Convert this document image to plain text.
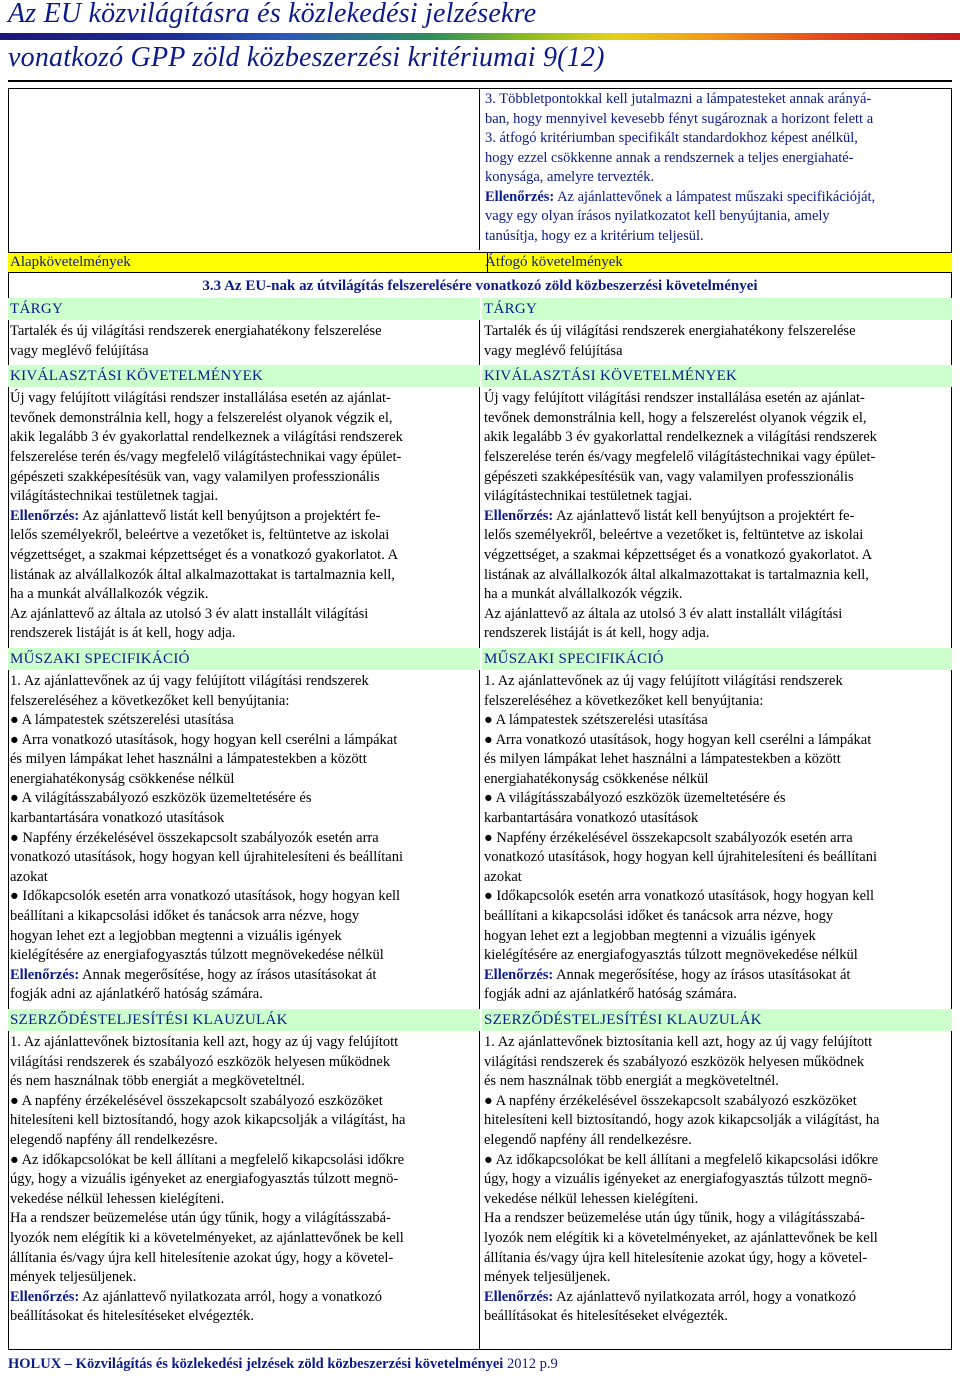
Az EU közvilágításra és közlekedési jelzésekre
vonatkozó GPP zöld közbeszerzési kritériumai 9(12)
3. Többletpontokkal kell jutalmazni a lámpatesteket annak arányá-
ban, hogy mennyivel kevesebb fényt sugároznak a horizont felett a
3. átfogó kritériumban specifikált standardokhoz képest anélkül,
hogy ezzel csökkenne annak a rendszernek a teljes energiahaté-
konysága, amelyre tervezték.
Ellenőrzés: Az ajánlattevőnek a lámpatest műszaki specifikációját,
vagy egy olyan írásos nyilatkozatot kell benyújtania, amely
tanúsítja, hogy ez a kritérium teljesül.
Alapkövetelmények	Átfogó követelmények
3.3 Az EU-nak az útvilágítás felszerelésére vonatkozó zöld közbeszerzési követelményei
TÁRGY

Tartalék és új világítási rendszerek energiahatékony felszerelése

vagy meglévő felújítása

KIVÁLASZTÁSI KÖVETELMÉNYEK

Új vagy felújított világítási rendszer installálása esetén az ajánlat-

tevőnek demonstrálnia kell, hogy a felszerelést olyanok végzik el,

akik legalább 3 év gyakorlattal rendelkeznek a világítási rendszerek

felszerelése terén és/vagy megfelelő világítástechnikai vagy épület-

gépészeti szakképesítésük van, vagy valamilyen professzionális

világítástechnikai testületnek tagjai.

Ellenőrzés: Az ajánlattevő listát kell benyújtson a projektért fe-

lelős személyekről, beleértve a vezetőket is, feltüntetve az iskolai

végzettséget, a szakmai képzettséget és a vonatkozó gyakorlatot. A

listának az alvállalkozók által alkalmazottakat is tartalmaznia kell,

ha a munkát alvállalkozók végzik.

Az ajánlattevő az általa az utolsó 3 év alatt installált világítási

rendszerek listáját is át kell, hogy adja.

MŰSZAKI SPECIFIKÁCIÓ

1. Az ajánlattevőnek az új vagy felújított világítási rendszerek

felszereléséhez a következőket kell benyújtania:

● A lámpatestek szétszerelési utasítása

● Arra vonatkozó utasítások, hogy hogyan kell cserélni a lámpákat

és milyen lámpákat lehet használni a lámpatestekben a között

energiahatékonyság csökkenése nélkül

● A világításszabályozó eszközök üzemeltetésére és

karbantartására vonatkozó utasítások

● Napfény érzékelésével összekapcsolt szabályozók esetén arra

vonatkozó utasítások, hogy hogyan kell újrahitelesíteni és beállítani

azokat

● Időkapcsolók esetén arra vonatkozó utasítások, hogy hogyan kell

beállítani a kikapcsolási időket és tanácsok arra nézve, hogy

hogyan lehet ezt a legjobban megtenni a vizuális igények

kielégítésére az energiafogyasztás túlzott megnövekedése nélkül

Ellenőrzés: Annak megerősítése, hogy az írásos utasításokat át

fogják adni az ajánlatkérő hatóság számára.

SZERZŐDÉSTELJESÍTÉSI KLAUZULÁK

1. Az ajánlattevőnek biztosítania kell azt, hogy az új vagy felújított

világítási rendszerek és szabályozó eszközök helyesen működnek

és nem használnak több energiát a megköveteltnél.

● A napfény érzékelésével összekapcsolt szabályozó eszközöket

hitelesíteni kell biztosítandó, hogy azok kikapcsolják a világítást, ha

elegendő napfény áll rendelkezésre.

● Az időkapcsolókat be kell állítani a megfelelő kikapcsolási időkre

úgy, hogy a vizuális igényeket az energiafogyasztás túlzott megnö-

vekedése nélkül lehessen kielégíteni.

Ha a rendszer beüzemelése után úgy tűnik, hogy a világításszabá-

lyozók nem elégítik ki a követelményeket, az ajánlattevőnek be kell

állítania és/vagy újra kell hitelesítenie azokat úgy, hogy a követel-

mények teljesüljenek.

Ellenőrzés: Az ajánlattevő nyilatkozata arról, hogy a vonatkozó

beállításokat és hitelesítéseket elvégezték.

TÁRGY

Tartalék és új világítási rendszerek energiahatékony felszerelése

vagy meglévő felújítása

KIVÁLASZTÁSI KÖVETELMÉNYEK

Új vagy felújított világítási rendszer installálása esetén az ajánlat-

tevőnek demonstrálnia kell, hogy a felszerelést olyanok végzik el,

akik legalább 3 év gyakorlattal rendelkeznek a világítási rendszerek

felszerelése terén és/vagy megfelelő világítástechnikai vagy épület-

gépészeti szakképesítésük van, vagy valamilyen professzionális

világítástechnikai testületnek tagjai.

Ellenőrzés: Az ajánlattevő listát kell benyújtson a projektért fe-

lelős személyekről, beleértve a vezetőket is, feltüntetve az iskolai

végzettséget, a szakmai képzettséget és a vonatkozó gyakorlatot. A

listának az alvállalkozók által alkalmazottakat is tartalmaznia kell,

ha a munkát alvállalkozók végzik.

Az ajánlattevő az általa az utolsó 3 év alatt installált világítási

rendszerek listáját is át kell, hogy adja.

MŰSZAKI SPECIFIKÁCIÓ

1. Az ajánlattevőnek az új vagy felújított világítási rendszerek

felszereléséhez a következőket kell benyújtania:

● A lámpatestek szétszerelési utasítása

● Arra vonatkozó utasítások, hogy hogyan kell cserélni a lámpákat

és milyen lámpákat lehet használni a lámpatestekben a között

energiahatékonyság csökkenése nélkül

● A világításszabályozó eszközök üzemeltetésére és

karbantartására vonatkozó utasítások

● Napfény érzékelésével összekapcsolt szabályozók esetén arra

vonatkozó utasítások, hogy hogyan kell újrahitelesíteni és beállítani

azokat

● Időkapcsolók esetén arra vonatkozó utasítások, hogy hogyan kell

beállítani a kikapcsolási időket és tanácsok arra nézve, hogy

hogyan lehet ezt a legjobban megtenni a vizuális igények

kielégítésére az energiafogyasztás túlzott megnövekedése nélkül

Ellenőrzés: Annak megerősítése, hogy az írásos utasításokat át

fogják adni az ajánlatkérő hatóság számára.

SZERZŐDÉSTELJESÍTÉSI KLAUZULÁK

1. Az ajánlattevőnek biztosítania kell azt, hogy az új vagy felújított

világítási rendszerek és szabályozó eszközök helyesen működnek

és nem használnak több energiát a megköveteltnél.

● A napfény érzékelésével összekapcsolt szabályozó eszközöket

hitelesíteni kell biztosítandó, hogy azok kikapcsolják a világítást, ha

elegendő napfény áll rendelkezésre.

● Az időkapcsolókat be kell állítani a megfelelő kikapcsolási időkre

úgy, hogy a vizuális igényeket az energiafogyasztás túlzott megnö-

vekedése nélkül lehessen kielégíteni.

Ha a rendszer beüzemelése után úgy tűnik, hogy a világításszabá-

lyozók nem elégítik ki a követelményeket, az ajánlattevőnek be kell

állítania és/vagy újra kell hitelesítenie azokat úgy, hogy a követel-

mények teljesüljenek.

Ellenőrzés: Az ajánlattevő nyilatkozata arról, hogy a vonatkozó

beállításokat és hitelesítéseket elvégezték.

HOLUX – Közvilágítás és közlekedési jelzések zöld közbeszerzési követelményei 2012 p.9
